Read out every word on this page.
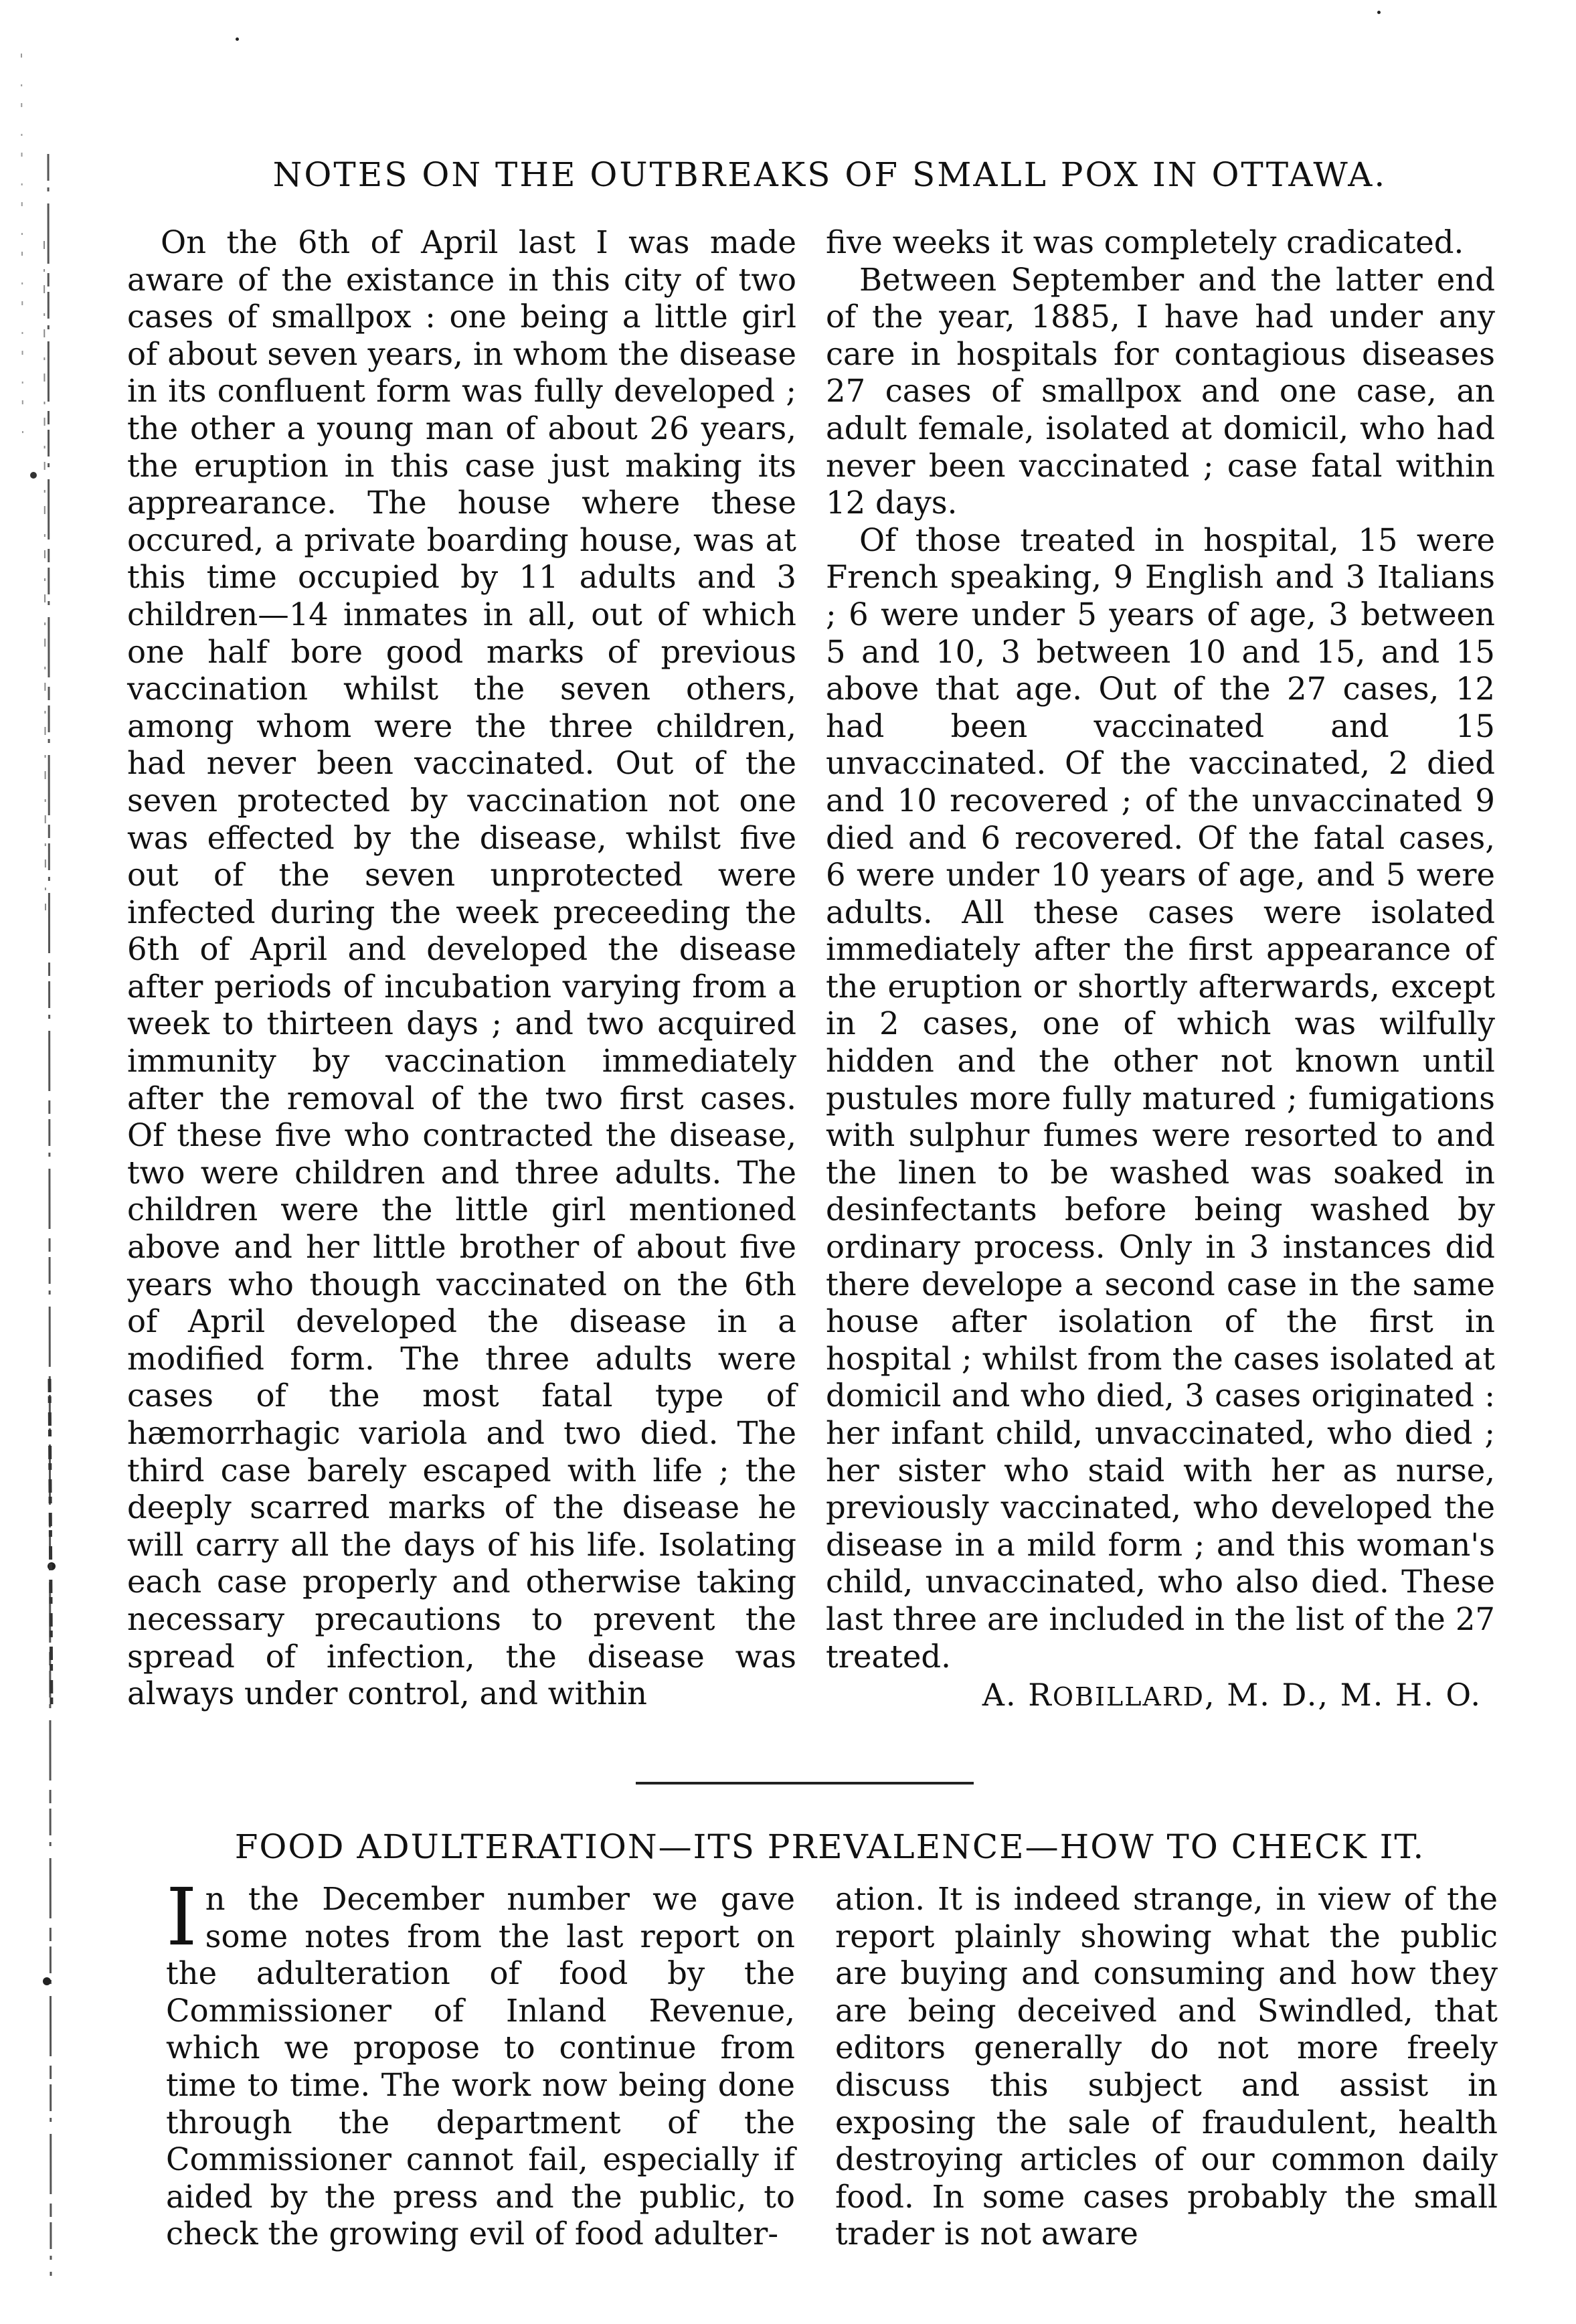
NOTES ON THE OUTBREAKS OF SMALL POX IN OTTAWA.

On the 6th of April last I was made aware of the existance in this city of two cases of smallpox : one being a little girl of about seven years, in whom the disease in its confluent form was fully developed ; the other a young man of about 26 years, the eruption in this case just making its apprearance. The house where these occured, a private boarding house, was at this time occupied by 11 adults and 3 children—14 inmates in all, out of which one half bore good marks of previous vaccination whilst the seven others, among whom were the three children, had never been vaccinated. Out of the seven protected by vaccination not one was effected by the disease, whilst five out of the seven unprotected were infected during the week preceeding the 6th of April and developed the disease after periods of incubation varying from a week to thirteen days ; and two acquired immunity by vaccination immediately after the removal of the two first cases. Of these five who contracted the disease, two were children and three adults. The children were the little girl mentioned above and her little brother of about five years who though vaccinated on the 6th of April developed the disease in a modified form. The three adults were cases of the most fatal type of hæmorrhagic variola and two died. The third case barely escaped with life ; the deeply scarred marks of the disease he will carry all the days of his life. Isolating each case properly and otherwise taking necessary precautions to prevent the spread of infection, the disease was always under control, and within

five weeks it was completely cradicated.

Between September and the latter end of the year, 1885, I have had under any care in hospitals for contagious diseases 27 cases of smallpox and one case, an adult female, isolated at domicil, who had never been vaccinated ; case fatal within 12 days.

Of those treated in hospital, 15 were French speaking, 9 English and 3 Italians ; 6 were under 5 years of age, 3 between 5 and 10, 3 between 10 and 15, and 15 above that age. Out of the 27 cases, 12 had been vaccinated and 15 unvaccinated. Of the vaccinated, 2 died and 10 recovered ; of the unvaccinated 9 died and 6 recovered. Of the fatal cases, 6 were under 10 years of age, and 5 were adults. All these cases were isolated immediately after the first appearance of the eruption or shortly afterwards, except in 2 cases, one of which was wilfully hidden and the other not known until pustules more fully matured ; fumigations with sulphur fumes were resorted to and the linen to be washed was soaked in desinfectants before being washed by ordinary process. Only in 3 instances did there develope a second case in the same house after isolation of the first in hospital ; whilst from the cases isolated at domicil and who died, 3 cases originated : her infant child, unvaccinated, who died ; her sister who staid with her as nurse, previously vaccinated, who developed the disease in a mild form ; and this woman's child, unvaccinated, who also died. These last three are included in the list of the 27 treated.

A. ROBILLARD, M. D., M. H. O.
FOOD ADULTERATION—ITS PREVALENCE—HOW TO CHECK IT.
I n the December number we gave some notes from the last report on the adulteration of food by the Commissioner of Inland Revenue, which we propose to continue from time to time. The work now being done through the department of the Commissioner cannot fail, especially if aided by the press and the public, to check the growing evil of food adulter-

ation. It is indeed strange, in view of the report plainly showing what the public are buying and consuming and how they are being deceived and Swindled, that editors generally do not more freely discuss this subject and assist in exposing the sale of fraudulent, health destroying articles of our common daily food. In some cases probably the small trader is not aware
